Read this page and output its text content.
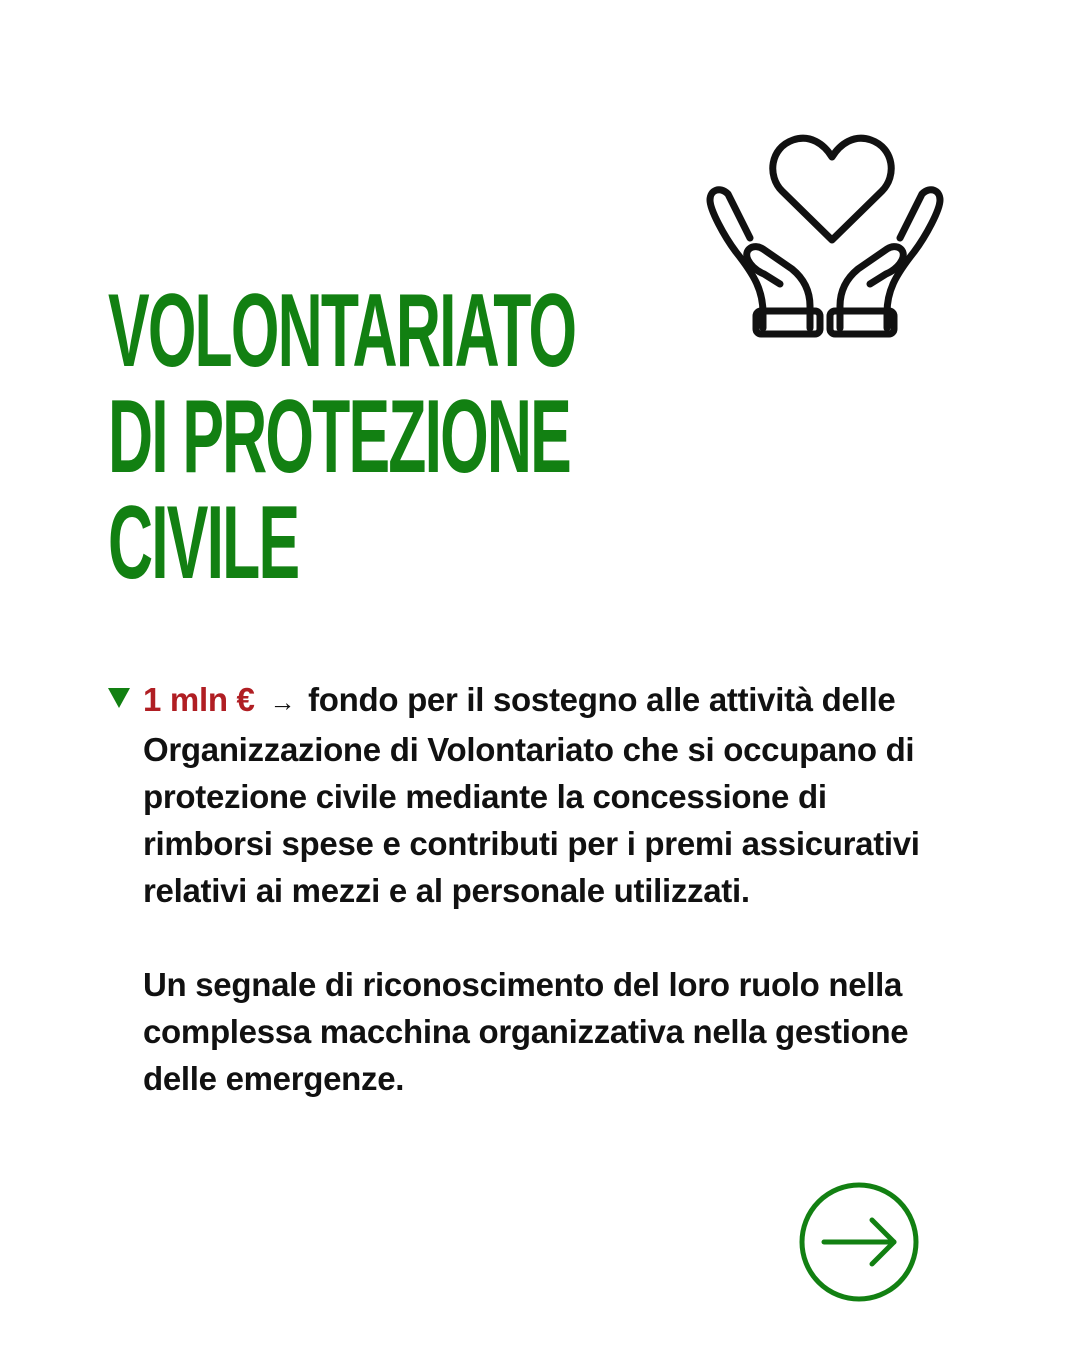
VOLONTARIATO
DI PROTEZIONE
CIVILE

1 mln € → fondo per il sostegno alle attività delle
Organizzazione di Volontariato che si occupano di
protezione civile mediante la concessione di
rimborsi spese e contributi per i premi assicurativi
relativi ai mezzi e al personale utilizzati.

Un segnale di riconoscimento del loro ruolo nella
complessa macchina organizzativa nella gestione
delle emergenze.
